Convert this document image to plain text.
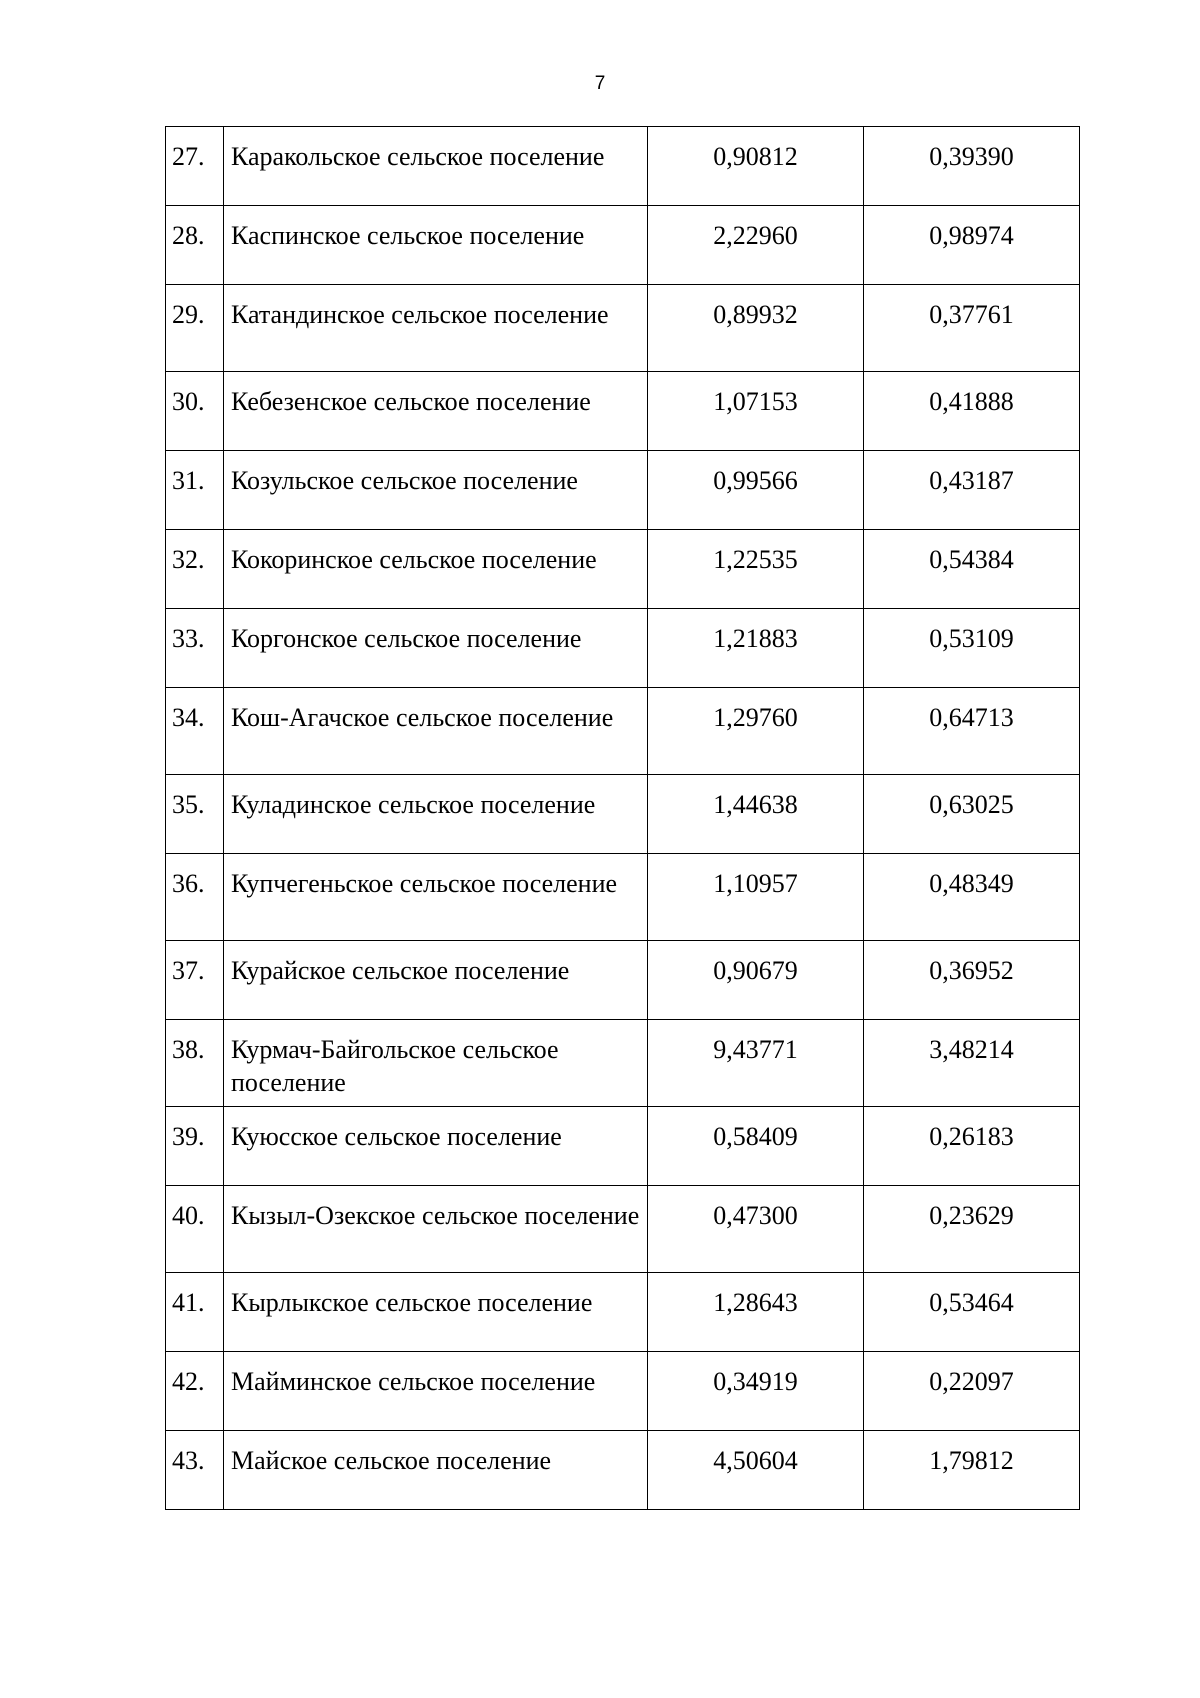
7
27.	Каракольское сельское поселение	0,90812	0,39390
28.	Каспинское сельское поселение	2,22960	0,98974
29.	Катандинское сельское поселение	0,89932	0,37761
30.	Кебезенское сельское поселение	1,07153	0,41888
31.	Козульское сельское поселение	0,99566	0,43187
32.	Кокоринское сельское поселение	1,22535	0,54384
33.	Коргонское сельское поселение	1,21883	0,53109
34.	Кош-Агачское сельское поселение	1,29760	0,64713
35.	Куладинское сельское поселение	1,44638	0,63025
36.	Купчегеньское сельское поселение	1,10957	0,48349
37.	Курайское сельское поселение	0,90679	0,36952
38.	Курмач-Байгольское сельское поселение	9,43771	3,48214
39.	Куюсское сельское поселение	0,58409	0,26183
40.	Кызыл-Озекское сельское поселение	0,47300	0,23629
41.	Кырлыкское сельское поселение	1,28643	0,53464
42.	Майминское сельское поселение	0,34919	0,22097
43.	Майское сельское поселение	4,50604	1,79812
